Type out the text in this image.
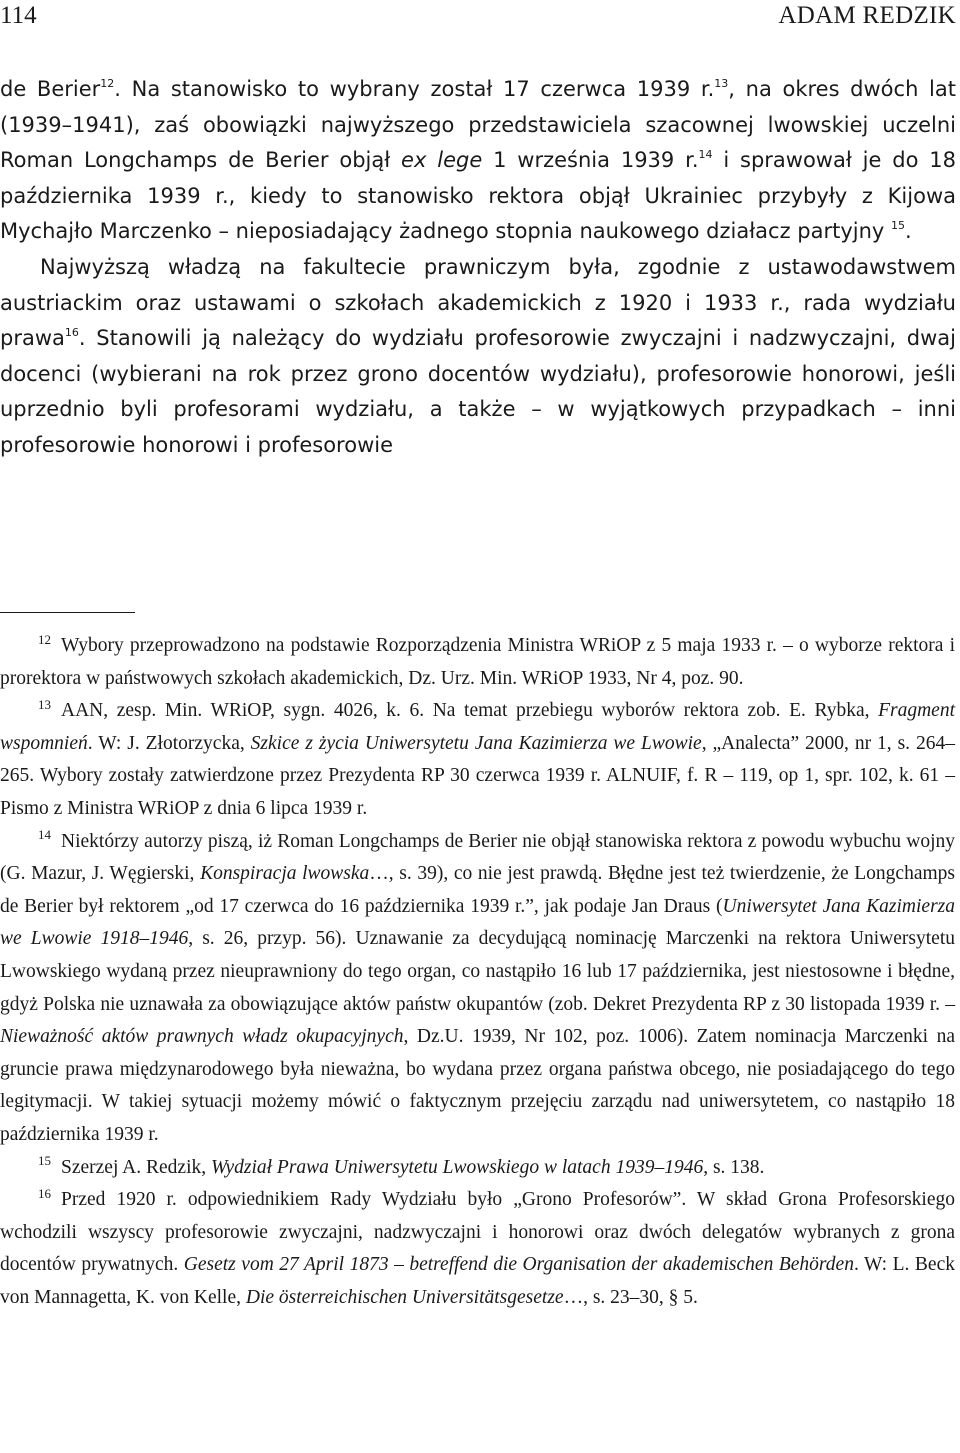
114	ADAM REDZIK

de Berier$^{12}$. Na stanowisko to wybrany został 17 czerwca 1939 r.$^{13}$, na okres dwóch lat (1939–1941), zaś obowiązki najwyższego przedstawiciela szacownej lwowskiej uczelni Roman Longchamps de Berier objął ex lege 1 września 1939 r.$^{14}$ i sprawował je do 18 października 1939 r., kiedy to stanowisko rektora objął Ukrainiec przybyły z Kijowa Mychajło Marczenko – nieposiadający żadnego stopnia naukowego działacz partyjny $^{15}$.

Najwyższą władzą na fakultecie prawniczym była, zgodnie z ustawodawstwem austriackim oraz ustawami o szkołach akademickich z 1920 i 1933 r., rada wydziału prawa$^{16}$. Stanowili ją należący do wydziału profesorowie zwyczajni i nadzwyczajni, dwaj docenci (wybierani na rok przez grono docentów wydziału), profesorowie honorowi, jeśli uprzednio byli profesorami wydziału, a także – w wyjątkowych przypadkach – inni profesorowie honorowi i profesorowie

$^{12}$ Wybory przeprowadzono na podstawie Rozporządzenia Ministra WRiOP z 5 maja 1933 r. – o wyborze rektora i prorektora w państwowych szkołach akademickich, Dz. Urz. Min. WRiOP 1933, Nr 4, poz. 90.

$^{13}$ AAN, zesp. Min. WRiOP, sygn. 4026, k. 6. Na temat przebiegu wyborów rektora zob. E. Rybka, Fragment wspomnień. W: J. Złotorzycka, Szkice z życia Uniwersytetu Jana Kazimierza we Lwowie, „Analecta” 2000, nr 1, s. 264–265. Wybory zostały zatwierdzone przez Prezydenta RP 30 czerwca 1939 r. ALNUIF, f. R – 119, op 1, spr. 102, k. 61 – Pismo z Ministra WRiOP z dnia 6 lipca 1939 r.

$^{14}$ Niektórzy autorzy piszą, iż Roman Longchamps de Berier nie objął stanowiska rektora z powodu wybuchu wojny (G. Mazur, J. Węgierski, Konspiracja lwowska…, s. 39), co nie jest prawdą. Błędne jest też twierdzenie, że Longchamps de Berier był rektorem „od 17 czerwca do 16 października 1939 r.”, jak podaje Jan Draus (Uniwersytet Jana Kazimierza we Lwowie 1918–1946, s. 26, przyp. 56). Uznawanie za decydującą nominację Marczenki na rektora Uniwersytetu Lwowskiego wydaną przez nieuprawniony do tego organ, co nastąpiło 16 lub 17 października, jest niestosowne i błędne, gdyż Polska nie uznawała za obowiązujące aktów państw okupantów (zob. Dekret Prezydenta RP z 30 listopada 1939 r. – Nieważność aktów prawnych władz okupacyjnych, Dz.U. 1939, Nr 102, poz. 1006). Zatem nominacja Marczenki na gruncie prawa międzynarodowego była nieważna, bo wydana przez organa państwa obcego, nie posiadającego do tego legitymacji. W takiej sytuacji możemy mówić o faktycznym przejęciu zarządu nad uniwersytetem, co nastąpiło 18 października 1939 r.

$^{15}$ Szerzej A. Redzik, Wydział Prawa Uniwersytetu Lwowskiego w latach 1939–1946, s. 138.

$^{16}$ Przed 1920 r. odpowiednikiem Rady Wydziału było „Grono Profesorów”. W skład Grona Profesorskiego wchodzili wszyscy profesorowie zwyczajni, nadzwyczajni i honorowi oraz dwóch delegatów wybranych z grona docentów prywatnych. Gesetz vom 27 April 1873 – betreffend die Organisation der akademischen Behörden. W: L. Beck von Mannagetta, K. von Kelle, Die österreichischen Universitätsgesetze…, s. 23–30, § 5.
